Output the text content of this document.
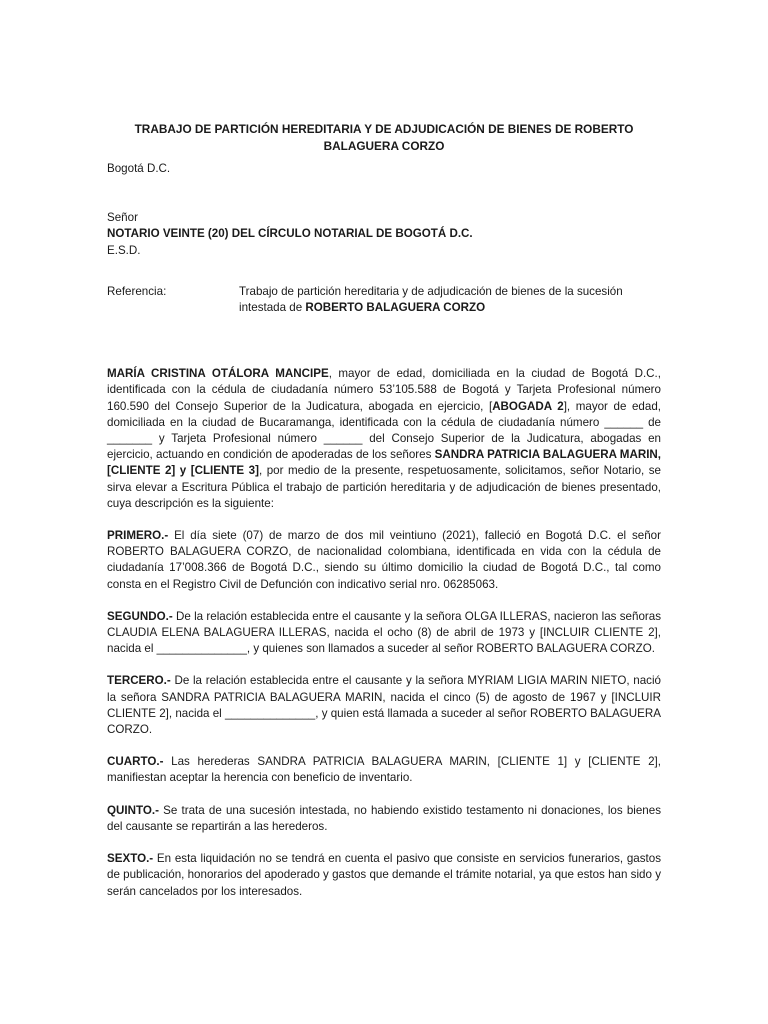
TRABAJO DE PARTICIÓN HEREDITARIA Y DE ADJUDICACIÓN DE BIENES DE ROBERTO BALAGUERA CORZO

Bogotá D.C.
Señor
NOTARIO VEINTE (20) DEL CÍRCULO NOTARIAL DE BOGOTÁ D.C.
E.S.D.
Referencia:	Trabajo de partición hereditaria y de adjudicación de bienes de la sucesión intestada de ROBERTO BALAGUERA CORZO

MARÍA CRISTINA OTÁLORA MANCIPE, mayor de edad, domiciliada en la ciudad de Bogotá D.C., identificada con la cédula de ciudadanía número 53’105.588 de Bogotá y Tarjeta Profesional número 160.590 del Consejo Superior de la Judicatura, abogada en ejercicio, [ABOGADA 2], mayor de edad, domiciliada en la ciudad de Bucaramanga, identificada con la cédula de ciudadanía número ______ de _______ y Tarjeta Profesional número ______ del Consejo Superior de la Judicatura, abogadas en ejercicio, actuando en condición de apoderadas de los señores SANDRA PATRICIA BALAGUERA MARIN, [CLIENTE 2] y [CLIENTE 3], por medio de la presente, respetuosamente, solicitamos, señor Notario, se sirva elevar a Escritura Pública el trabajo de partición hereditaria y de adjudicación de bienes presentado, cuya descripción es la siguiente:

PRIMERO.- El día siete (07) de marzo de dos mil veintiuno (2021), falleció en Bogotá D.C. el señor ROBERTO BALAGUERA CORZO, de nacionalidad colombiana, identificada en vida con la cédula de ciudadanía 17’008.366 de Bogotá D.C., siendo su último domicilio la ciudad de Bogotá D.C., tal como consta en el Registro Civil de Defunción con indicativo serial nro. 06285063.

SEGUNDO.- De la relación establecida entre el causante y la señora OLGA ILLERAS, nacieron las señoras CLAUDIA ELENA BALAGUERA ILLERAS, nacida el ocho (8) de abril de 1973 y [INCLUIR CLIENTE 2], nacida el ______________, y quienes son llamados a suceder al señor ROBERTO BALAGUERA CORZO.

TERCERO.- De la relación establecida entre el causante y la señora MYRIAM LIGIA MARIN NIETO, nació la señora SANDRA PATRICIA BALAGUERA MARIN, nacida el cinco (5) de agosto de 1967 y [INCLUIR CLIENTE 2], nacida el ______________, y quien está llamada a suceder al señor ROBERTO BALAGUERA CORZO.

CUARTO.- Las herederas SANDRA PATRICIA BALAGUERA MARIN, [CLIENTE 1] y [CLIENTE 2], manifiestan aceptar la herencia con beneficio de inventario.

QUINTO.- Se trata de una sucesión intestada, no habiendo existido testamento ni donaciones, los bienes del causante se repartirán a las herederos.

SEXTO.- En esta liquidación no se tendrá en cuenta el pasivo que consiste en servicios funerarios, gastos de publicación, honorarios del apoderado y gastos que demande el trámite notarial, ya que estos han sido y serán cancelados por los interesados.
